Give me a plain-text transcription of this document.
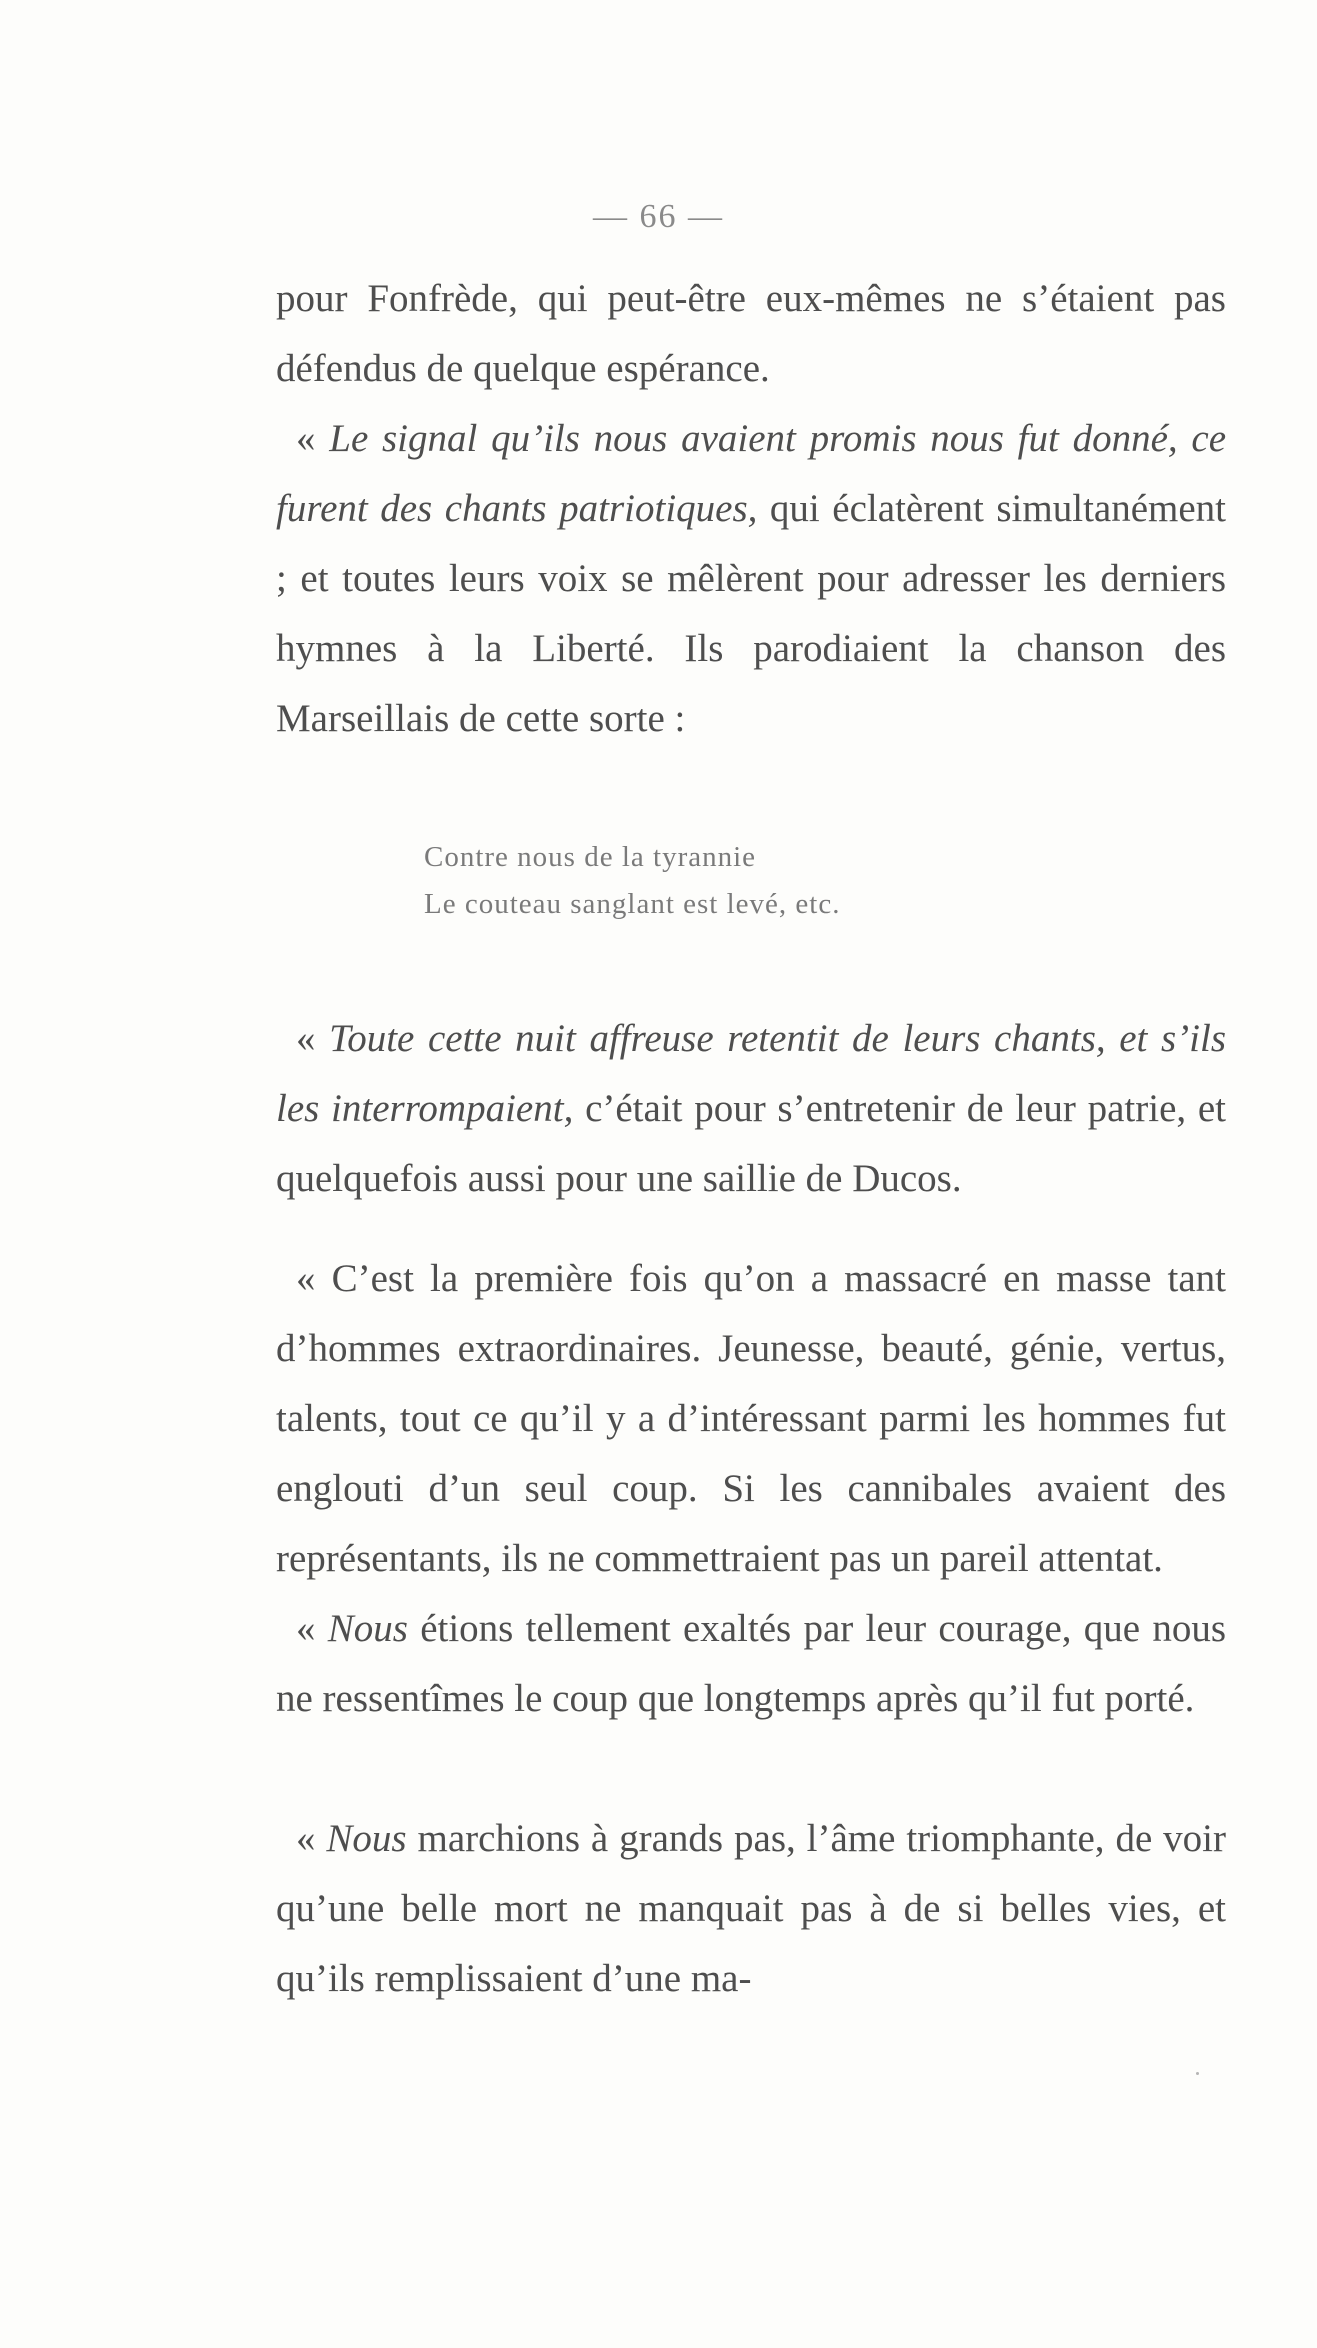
— 66 —
pour Fonfrède, qui peut-être eux-mêmes ne s’étaient pas défendus de quelque espérance.
« Le signal qu’ils nous avaient promis nous fut donné, ce furent des chants patriotiques, qui éclatèrent simultanément ; et toutes leurs voix se mêlèrent pour adresser les derniers hymnes à la Liberté. Ils parodiaient la chanson des Marseillais de cette sorte :
Contre nous de la tyrannie
Le couteau sanglant est levé, etc.
« Toute cette nuit affreuse retentit de leurs chants, et s’ils les interrompaient, c’était pour s’entretenir de leur patrie, et quelquefois aussi pour une saillie de Ducos.
« C’est la première fois qu’on a massacré en masse tant d’hommes extraordinaires. Jeunesse, beauté, génie, vertus, talents, tout ce qu’il y a d’intéressant parmi les hommes fut englouti d’un seul coup. Si les cannibales avaient des représentants, ils ne commettraient pas un pareil attentat.
« Nous étions tellement exaltés par leur courage, que nous ne ressentîmes le coup que longtemps après qu’il fut porté.
« Nous marchions à grands pas, l’âme triomphante, de voir qu’une belle mort ne manquait pas à de si belles vies, et qu’ils remplissaient d’une ma-
